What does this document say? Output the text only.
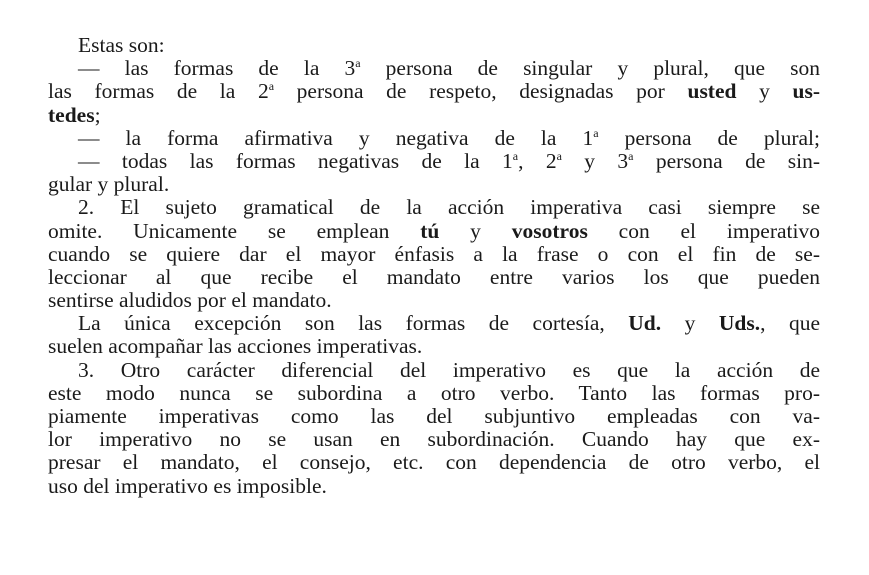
Estas son:
— las formas de la 3$^a$ persona de singular y plural, que son
las formas de la 2$^a$ persona de respeto, designadas por usted y us-
tedes;
— la forma afirmativa y negativa de la 1$^a$ persona de plural;
— todas las formas negativas de la 1$^a$, 2$^a$ y 3$^a$ persona de sin-
gular y plural.
2. El sujeto gramatical de la acción imperativa casi siempre se
omite. Unicamente se emplean tú y vosotros con el imperativo
cuando se quiere dar el mayor énfasis a la frase o con el fin de se-
leccionar al que recibe el mandato entre varios los que pueden
sentirse aludidos por el mandato.
La única excepción son las formas de cortesía, Ud. y Uds., que
suelen acompañar las acciones imperativas.
3. Otro carácter diferencial del imperativo es que la acción de
este modo nunca se subordina a otro verbo. Tanto las formas pro-
piamente imperativas como las del subjuntivo empleadas con va-
lor imperativo no se usan en subordinación. Cuando hay que ex-
presar el mandato, el consejo, etc. con dependencia de otro verbo, el
uso del imperativo es imposible.
